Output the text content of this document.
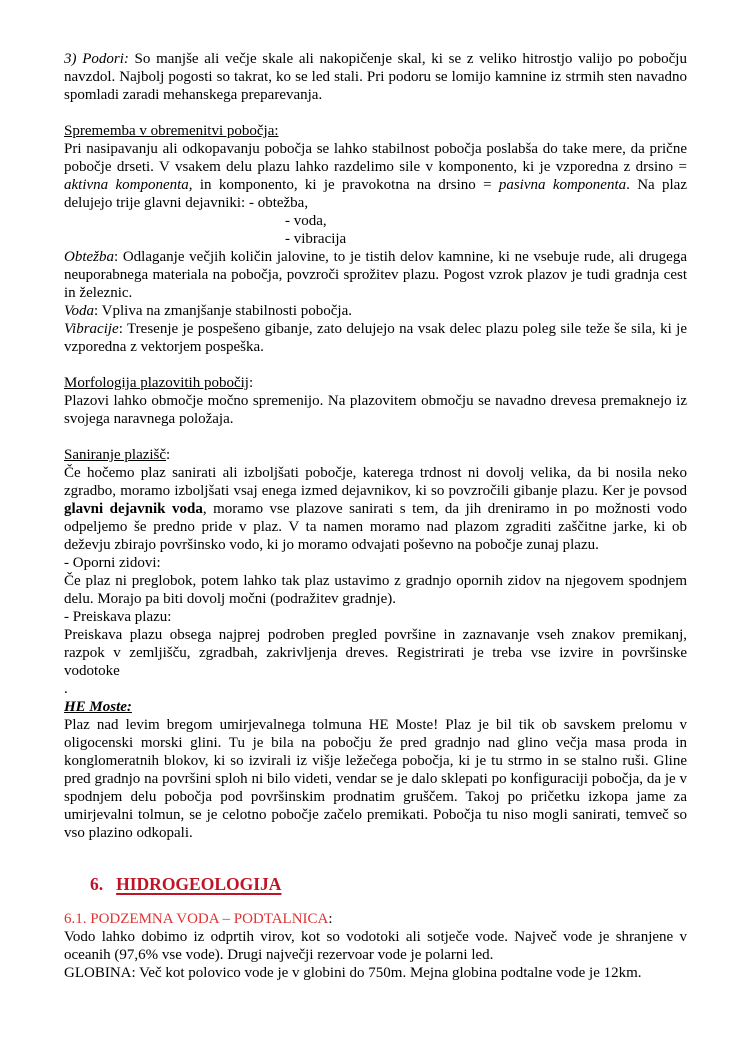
3) Podori: So manjše ali večje skale ali nakopičenje skal, ki se z veliko hitrostjo valijo po pobočju navzdol. Najbolj pogosti so takrat, ko se led stali. Pri podoru se lomijo kamnine iz strmih sten navadno spomladi zaradi mehanskega preparevanja.
Sprememba v obremenitvi pobočja:
Pri nasipavanju ali odkopavanju pobočja se lahko stabilnost pobočja poslabša do take mere, da prične pobočje drseti. V vsakem delu plazu lahko razdelimo sile v komponento, ki je vzporedna z drsino = aktivna komponenta, in komponento, ki je pravokotna na drsino = pasivna komponenta. Na plaz delujejo trije glavni dejavniki: - obtežba,
- voda,
- vibracija
Obtežba: Odlaganje večjih količin jalovine, to je tistih delov kamnine, ki ne vsebuje rude, ali drugega neuporabnega materiala na pobočja, povzroči sprožitev plazu. Pogost vzrok plazov je tudi gradnja cest in železnic.
Voda: Vpliva na zmanjšanje stabilnosti pobočja.
Vibracije: Tresenje je pospešeno gibanje, zato delujejo na vsak delec plazu poleg sile teže še sila, ki je vzporedna z vektorjem pospeška.
Morfologija plazovitih pobočij:
Plazovi lahko območje močno spremenijo. Na plazovitem območju se navadno drevesa premaknejo iz svojega naravnega položaja.
Saniranje plazišč:
Če hočemo plaz sanirati ali izboljšati pobočje, katerega trdnost ni dovolj velika, da bi nosila neko zgradbo, moramo izboljšati vsaj enega izmed dejavnikov, ki so povzročili gibanje plazu. Ker je povsod glavni dejavnik voda, moramo vse plazove sanirati s tem, da jih dreniramo in po možnosti vodo odpeljemo še predno pride v plaz. V ta namen moramo nad plazom zgraditi zaščitne jarke, ki ob deževju zbirajo površinsko vodo, ki jo moramo odvajati poševno na pobočje zunaj plazu.
- Oporni zidovi:
Če plaz ni preglobok, potem lahko tak plaz ustavimo z gradnjo opornih zidov na njegovem spodnjem delu. Morajo pa biti dovolj močni (podražitev gradnje).
- Preiskava plazu:
Preiskava plazu obsega najprej podroben pregled površine in zaznavanje vseh znakov premikanj, razpok v zemljišču, zgradbah, zakrivljenja dreves. Registrirati je treba vse izvire in površinske vodotoke
.
HE Moste:
Plaz nad levim bregom umirjevalnega tolmuna HE Moste! Plaz je bil tik ob savskem prelomu v oligocenski morski glini. Tu je bila na pobočju že pred gradnjo nad glino večja masa proda in konglomeratnih blokov, ki so izvirali iz višje ležečega pobočja, ki je tu strmo in se stalno ruši. Gline pred gradnjo na površini sploh ni bilo videti, vendar se je dalo sklepati po konfiguraciji pobočja, da je v spodnjem delu pobočja pod površinskim prodnatim gruščem. Takoj po pričetku izkopa jame za umirjevalni tolmun, se je celotno pobočje začelo premikati. Pobočja tu niso mogli sanirati, temveč so vso plazino odkopali.
6. HIDROGEOLOGIJA
6.1. PODZEMNA VODA – PODTALNICA:
Vodo lahko dobimo iz odprtih virov, kot so vodotoki ali sotječe vode. Največ vode je shranjene v oceanih (97,6% vse vode). Drugi največji rezervoar vode je polarni led.
GLOBINA: Več kot polovico vode je v globini do 750m. Mejna globina podtalne vode je 12km.
